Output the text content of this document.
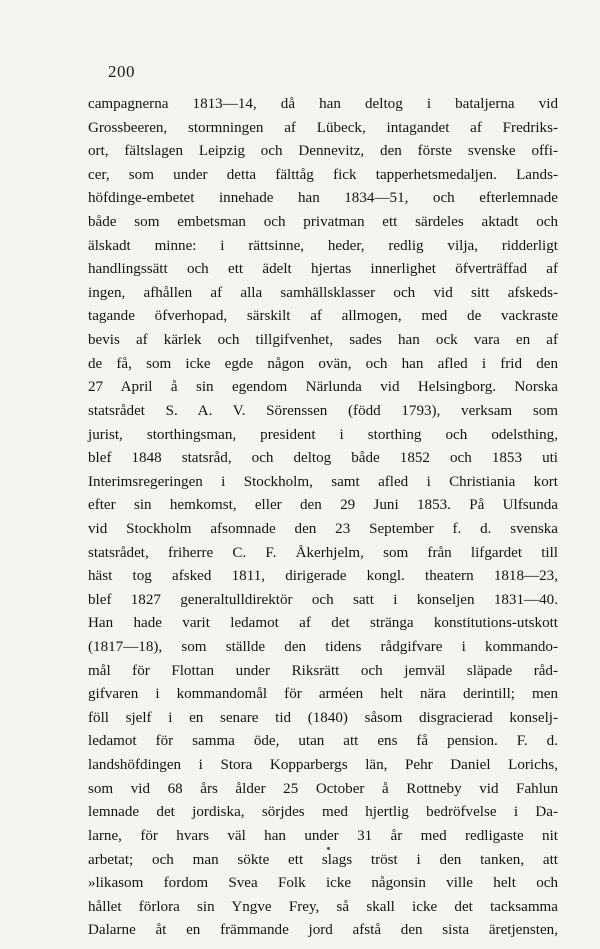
200
campagnerna 1813—14, då han deltog i bataljerna vid
Grossbeeren, stormningen af Lübeck, intagandet af Fredriks-
ort, fältslagen Leipzig och Dennevitz, den förste svenske offi-
cer, som under detta fälttåg fick tapperhetsmedaljen. Lands-
höfdinge-embetet innehade han 1834—51, och efterlemnade
både som embetsman och privatman ett särdeles aktadt och
älskadt minne: i rättsinne, heder, redlig vilja, ridderligt
handlingssätt och ett ädelt hjertas innerlighet öfverträffad af
ingen, afhållen af alla samhällsklasser och vid sitt afskeds-
tagande öfverhopad, särskilt af allmogen, med de vackraste
bevis af kärlek och tillgifvenhet, sades han ock vara en af
de få, som icke egde någon ovän, och han afled i frid den
27 April å sin egendom Närlunda vid Helsingborg. Norska
statsrådet S. A. V. Sörenssen (född 1793), verksam som
jurist, storthingsman, president i storthing och odelsthing,
blef 1848 statsråd, och deltog både 1852 och 1853 uti
Interimsregeringen i Stockholm, samt afled i Christiania kort
efter sin hemkomst, eller den 29 Juni 1853. På Ulfsunda
vid Stockholm afsomnade den 23 September f. d. svenska
statsrådet, friherre C. F. Åkerhjelm, som från lifgardet till
häst tog afsked 1811, dirigerade kongl. theatern 1818—23,
blef 1827 generaltulldirektör och satt i konseljen 1831—40.
Han hade varit ledamot af det stränga konstitutions-utskott
(1817—18), som ställde den tidens rådgifvare i kommando-
mål för Flottan under Riksrätt och jemväl släpade råd-
gifvaren i kommandomål för arméen helt nära derintill; men
föll sjelf i en senare tid (1840) såsom disgracierad konselj-
ledamot för samma öde, utan att ens få pension. F. d.
landshöfdingen i Stora Kopparbergs län, Pehr Daniel Lorichs,
som vid 68 års ålder 25 October å Rottneby vid Fahlun
lemnade det jordiska, sörjdes med hjertlig bedröfvelse i Da-
larne, för hvars väl han under 31 år med redligaste nit
arbetat; och man sökte ett slags tröst i den tanken, att
»likasom fordom Svea Folk icke någonsin ville helt och
hållet förlora sin Yngve Frey, så skall icke det tacksamma
Dalarne åt en främmande jord afstå den sista äretjensten,
